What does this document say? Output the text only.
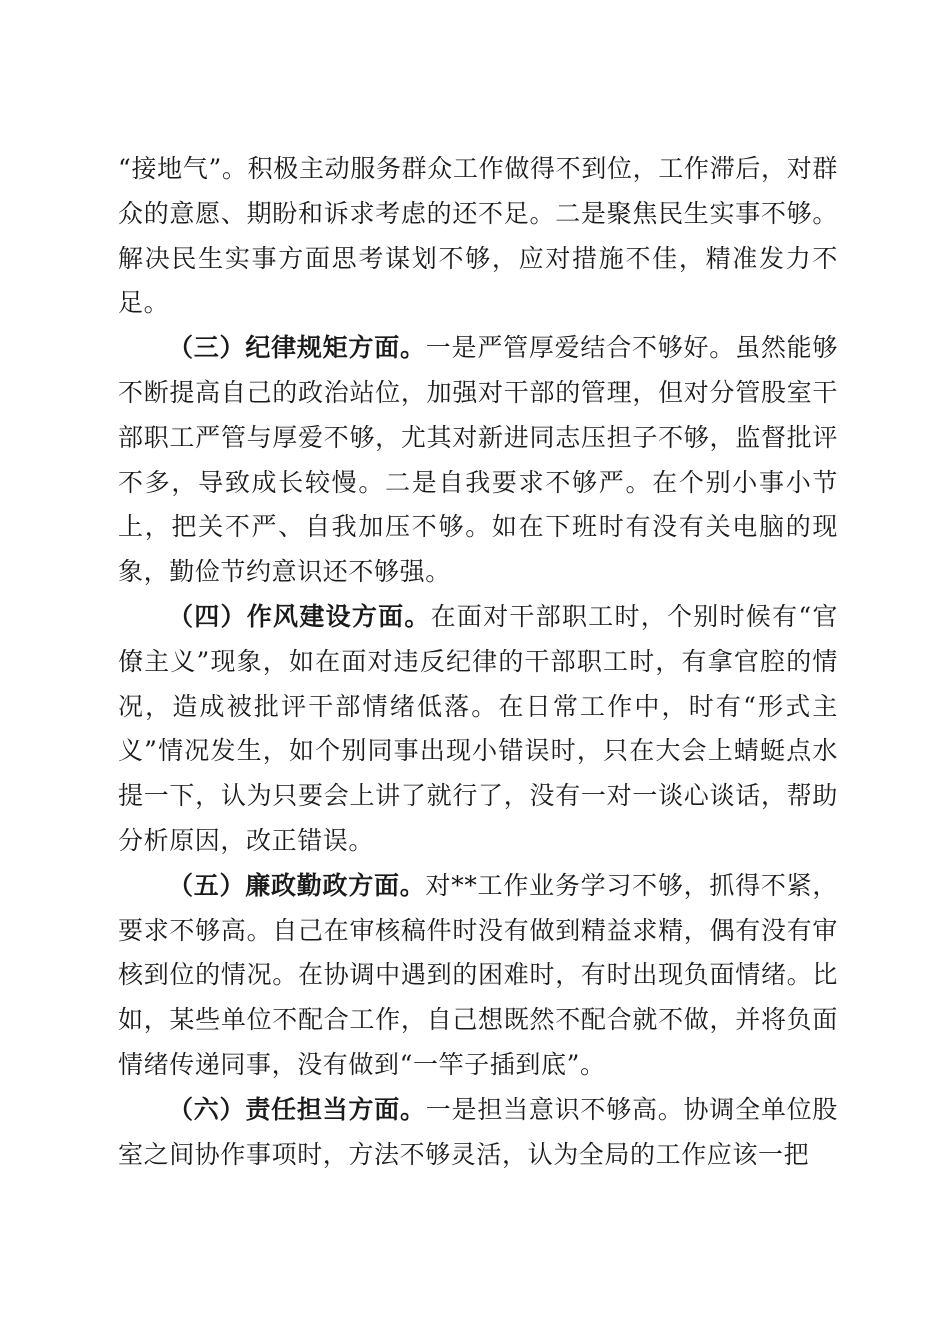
“接地气”。积极主动服务群众工作做得不到位，工作滞后，对群众的意愿、期盼和诉求考虑的还不足。二是聚焦民生实事不够。解决民生实事方面思考谋划不够，应对措施不佳，精准发力不足。

（三）纪律规矩方面。一是严管厚爱结合不够好。虽然能够不断提高自己的政治站位，加强对干部的管理，但对分管股室干部职工严管与厚爱不够，尤其对新进同志压担子不够，监督批评不多，导致成长较慢。二是自我要求不够严。在个别小事小节上，把关不严、自我加压不够。如在下班时有没有关电脑的现象，勤俭节约意识还不够强。

（四）作风建设方面。在面对干部职工时，个别时候有“官僚主义”现象，如在面对违反纪律的干部职工时，有拿官腔的情况，造成被批评干部情绪低落。在日常工作中，时有“形式主义”情况发生，如个别同事出现小错误时，只在大会上蜻蜓点水提一下，认为只要会上讲了就行了，没有一对一谈心谈话，帮助分析原因，改正错误。

（五）廉政勤政方面。对**工作业务学习不够，抓得不紧，要求不够高。自己在审核稿件时没有做到精益求精，偶有没有审核到位的情况。在协调中遇到的困难时，有时出现负面情绪。比如，某些单位不配合工作，自己想既然不配合就不做，并将负面情绪传递同事，没有做到“一竿子插到底”。

（六）责任担当方面。一是担当意识不够高。协调全单位股室之间协作事项时，方法不够灵活，认为全局的工作应该一把
